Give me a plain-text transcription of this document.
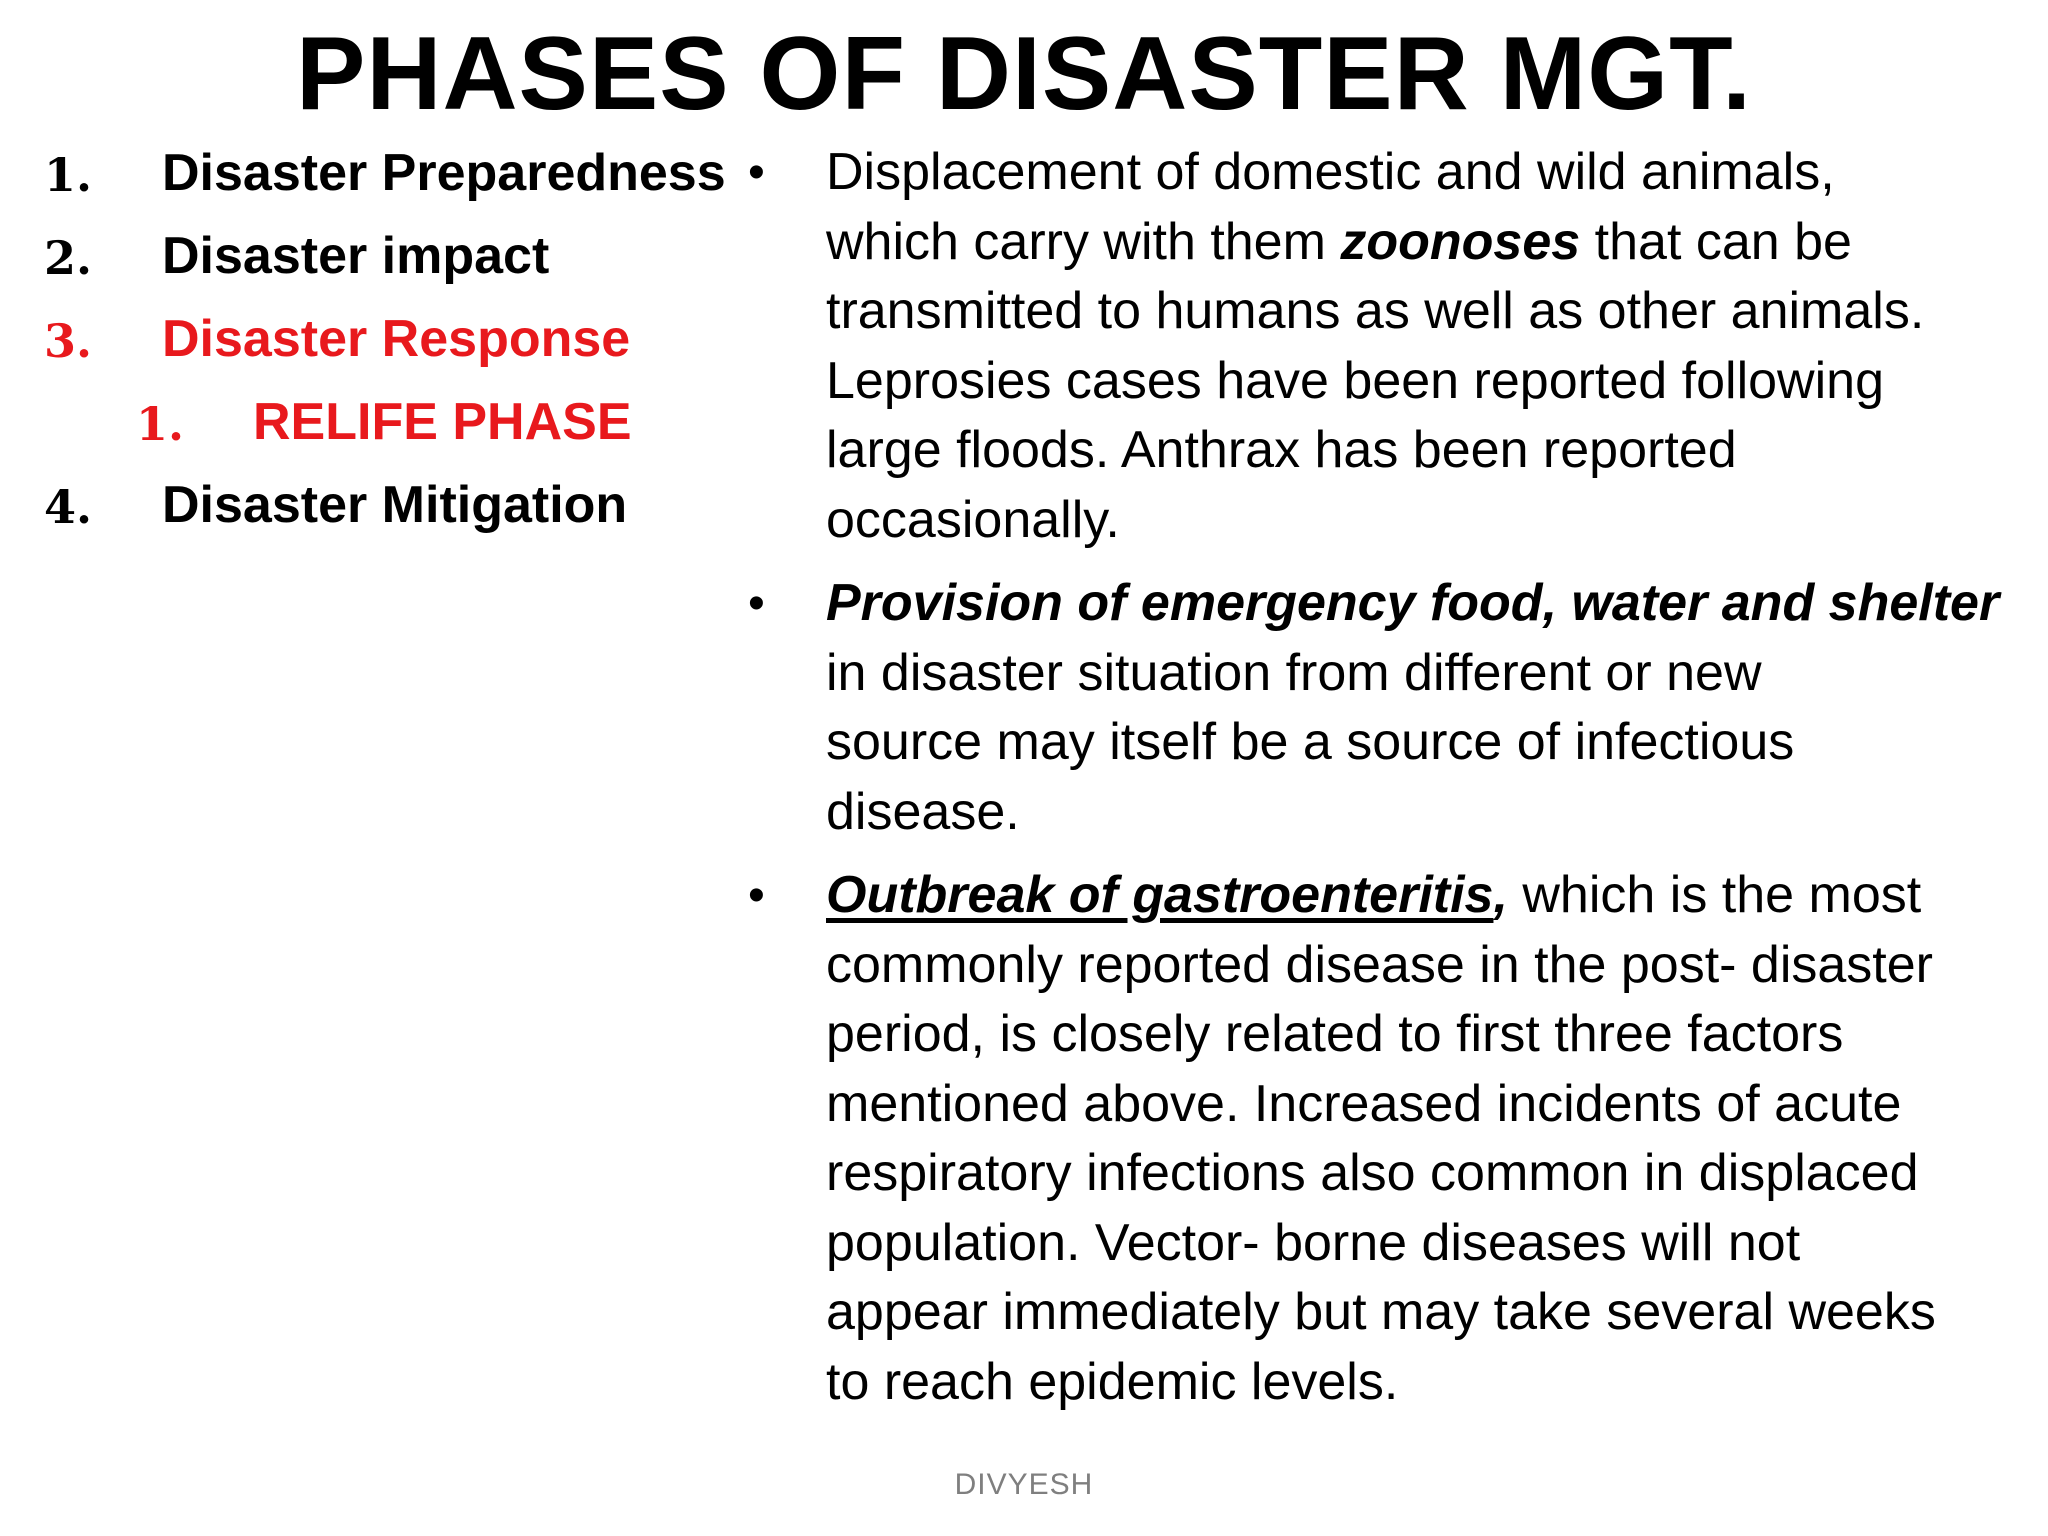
PHASES OF DISASTER MGT.
1. Disaster Preparedness
2. Disaster impact
3. Disaster Response
1. RELIFE PHASE
4. Disaster Mitigation
• Displacement of domestic and wild animals,
which carry with them zoonoses that can be
transmitted to humans as well as other animals.
Leprosies cases have been reported following
large floods. Anthrax has been reported
occasionally.
• Provision of emergency food, water and shelter
in disaster situation from different or new
source may itself be a source of infectious
disease.
• Outbreak of gastroenteritis, which is the most
commonly reported disease in the post- disaster
period, is closely related to first three factors
mentioned above. Increased incidents of acute
respiratory infections also common in displaced
population. Vector- borne diseases will not
appear immediately but may take several weeks
to reach epidemic levels.
DIVYESH
